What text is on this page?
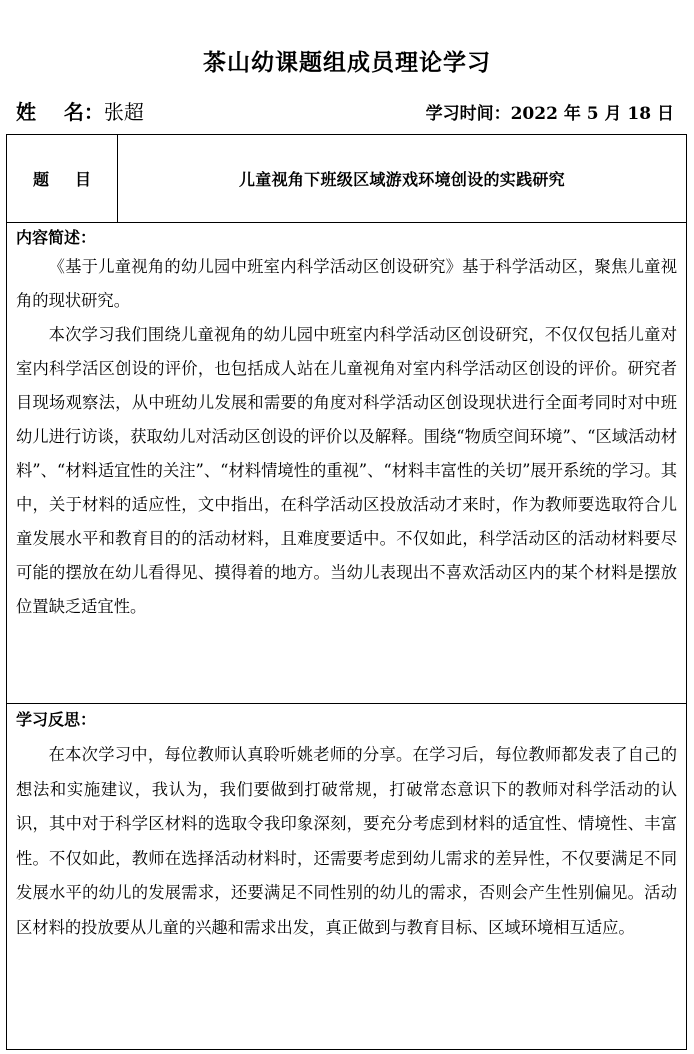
茶山幼课题组成员理论学习
姓    名：张超	学习时间：2022 年 5 月 18 日
题目	儿童视角下班级区域游戏环境创设的实践研究
内容简述：

《基于儿童视角的幼儿园中班室内科学活动区创设研究》基于科学活动区，聚焦儿童视角的现状研究。

本次学习我们围绕儿童视角的幼儿园中班室内科学活动区创设研究，不仅仅包括儿童对室内科学活区创设的评价，也包括成人站在儿童视角对室内科学活动区创设的评价。研究者目现场观察法，从中班幼儿发展和需要的角度对科学活动区创设现状进行全面考同时对中班幼儿进行访谈，获取幼儿对活动区创设的评价以及解释。围绕“物质空间环境”、“区域活动材料”、“材料适宜性的关注”、“材料情境性的重视”、“材料丰富性的关切”展开系统的学习。其中，关于材料的适应性，文中指出，在科学活动区投放活动才来时，作为教师要选取符合儿童发展水平和教育目的的活动材料，且难度要适中。不仅如此，科学活动区的活动材料要尽可能的摆放在幼儿看得见、摸得着的地方。当幼儿表现出不喜欢活动区内的某个材料是摆放位置缺乏适宜性。

学习反思：

在本次学习中，每位教师认真聆听姚老师的分享。在学习后，每位教师都发表了自己的想法和实施建议，我认为，我们要做到打破常规，打破常态意识下的教师对科学活动的认识，其中对于科学区材料的选取令我印象深刻，要充分考虑到材料的适宜性、情境性、丰富性。不仅如此，教师在选择活动材料时，还需要考虑到幼儿需求的差异性，不仅要满足不同发展水平的幼儿的发展需求，还要满足不同性别的幼儿的需求，否则会产生性别偏见。活动区材料的投放要从儿童的兴趣和需求出发，真正做到与教育目标、区域环境相互适应。
